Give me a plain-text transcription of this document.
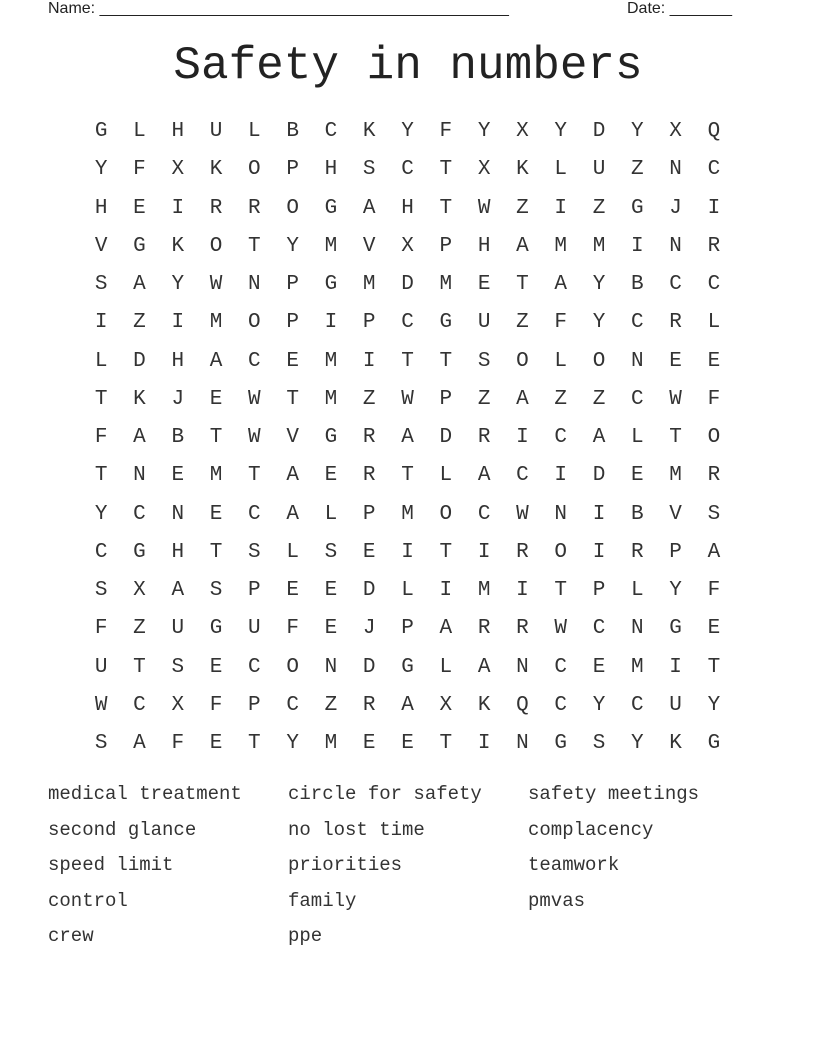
Name: ______________________________________________	Date: _______
Safety in numbers
G	L	H	U	L	B	C	K	Y	F	Y	X	Y	D	Y	X	Q
Y	F	X	K	O	P	H	S	C	T	X	K	L	U	Z	N	C
H	E	I	R	R	O	G	A	H	T	W	Z	I	Z	G	J	I
V	G	K	O	T	Y	M	V	X	P	H	A	M	M	I	N	R
S	A	Y	W	N	P	G	M	D	M	E	T	A	Y	B	C	C
I	Z	I	M	O	P	I	P	C	G	U	Z	F	Y	C	R	L
L	D	H	A	C	E	M	I	T	T	S	O	L	O	N	E	E
T	K	J	E	W	T	M	Z	W	P	Z	A	Z	Z	C	W	F
F	A	B	T	W	V	G	R	A	D	R	I	C	A	L	T	O
T	N	E	M	T	A	E	R	T	L	A	C	I	D	E	M	R
Y	C	N	E	C	A	L	P	M	O	C	W	N	I	B	V	S
C	G	H	T	S	L	S	E	I	T	I	R	O	I	R	P	A
S	X	A	S	P	E	E	D	L	I	M	I	T	P	L	Y	F
F	Z	U	G	U	F	E	J	P	A	R	R	W	C	N	G	E
U	T	S	E	C	O	N	D	G	L	A	N	C	E	M	I	T
W	C	X	F	P	C	Z	R	A	X	K	Q	C	Y	C	U	Y
S	A	F	E	T	Y	M	E	E	T	I	N	G	S	Y	K	G
medical treatment	circle for safety	safety meetings
second glance	no lost time	complacency
speed limit	priorities	teamwork
control	family	pmvas
crew	ppe
